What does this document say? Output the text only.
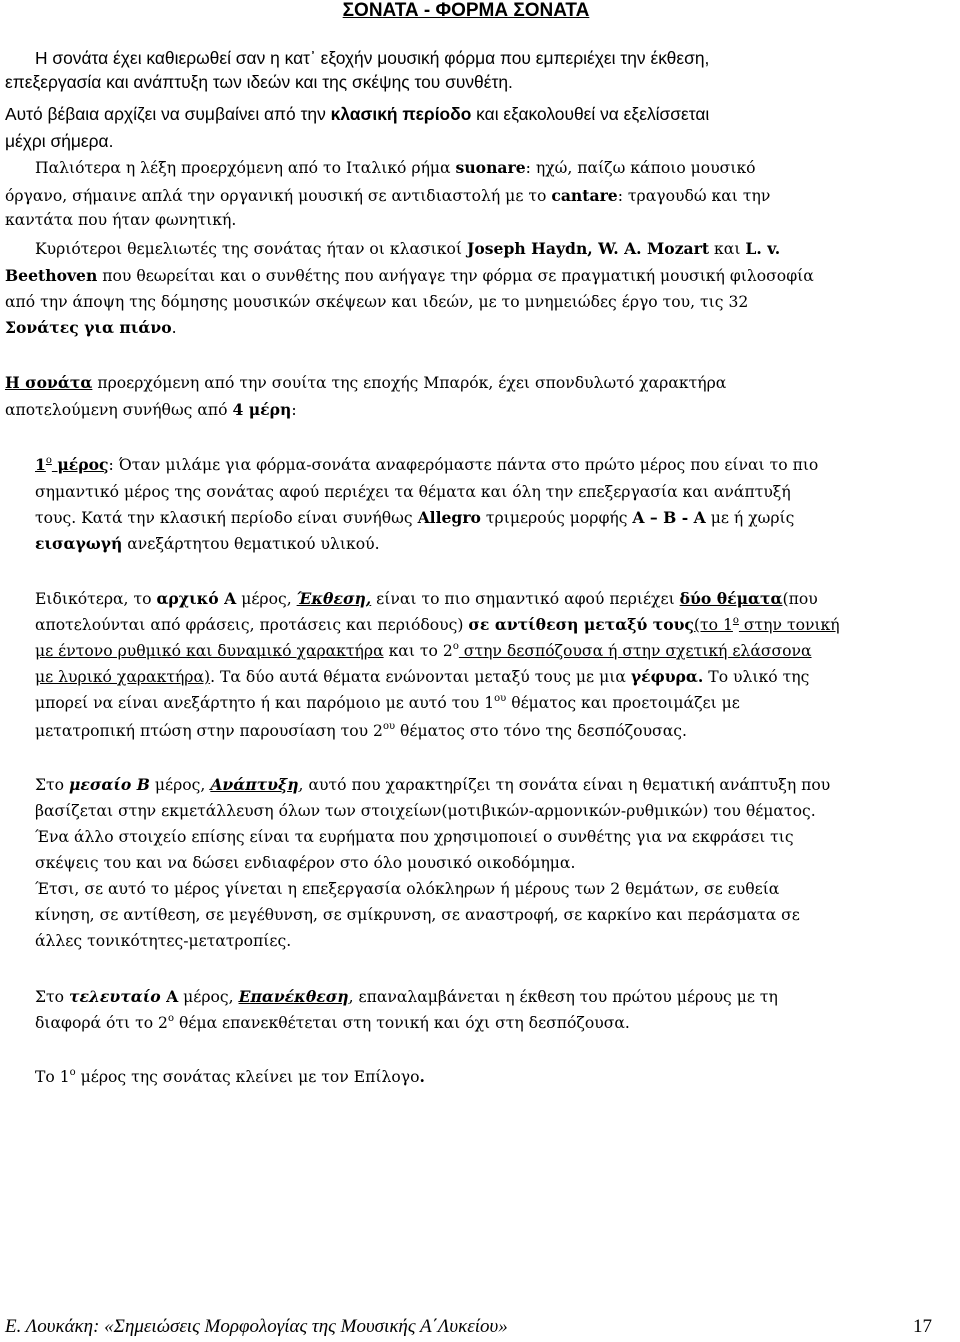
ΣΟΝΑΤΑ - ΦΟΡΜΑ ΣΟΝΑΤΑ
Η σονάτα έχει καθιερωθεί σαν η κατ᾽ εξοχήν μουσική φόρμα που εμπεριέχει την έκθεση,
επεξεργασία και ανάπτυξη των ιδεών και της σκέψης του συνθέτη.
Αυτό βέβαια αρχίζει να συμβαίνει από την κλασική περίοδο και εξακολουθεί να εξελίσσεται
μέχρι σήμερα.
Παλιότερα η λέξη προερχόμενη από το Ιταλικό ρήμα suonare: ηχώ, παίζω κάποιο μουσικό
όργανο, σήμαινε απλά την οργανική μουσική σε αντιδιαστολή με το cantare: τραγουδώ και την
καντάτα που ήταν φωνητική.
Κυριότεροι θεμελιωτές της σονάτας ήταν οι κλασικοί Joseph Haydn, W. A. Mozart και L. v.
Beethoven που θεωρείται και ο συνθέτης που ανήγαγε την φόρμα σε πραγματική μουσική φιλοσοφία
από την άποψη της δόμησης μουσικών σκέψεων και ιδεών, με το μνημειώδες έργο του, τις 32
Σονάτες για πιάνο.
Η σονάτα προερχόμενη από την σουίτα της εποχής Μπαρόκ, έχει σπονδυλωτό χαρακτήρα
αποτελούμενη συνήθως από 4 μέρη:
$1^o$ μέρος: Όταν μιλάμε για φόρμα-σονάτα αναφερόμαστε πάντα στο πρώτο μέρος που είναι το πιο
σημαντικό μέρος της σονάτας αφού περιέχει τα θέματα και όλη την επεξεργασία και ανάπτυξή
τους. Κατά την κλασική περίοδο είναι συνήθως Allegro τριμερούς μορφής Α – Β - Α με ή χωρίς
εισαγωγή ανεξάρτητου θεματικού υλικού.
Ειδικότερα, το αρχικό Α μέρος, Έκθεση, είναι το πιο σημαντικό αφού περιέχει δύο θέματα(που
αποτελούνται από φράσεις, προτάσεις και περιόδους) σε αντίθεση μεταξύ τους(το $1^o$ στην τονική
με έντονο ρυθμικό και δυναμικό χαρακτήρα και το $2^o$ στην δεσπόζουσα ή στην σχετική ελάσσονα
με λυρικό χαρακτήρα). Τα δύο αυτά θέματα ενώνονται μεταξύ τους με μια γέφυρα. Το υλικό της
μπορεί να είναι ανεξάρτητο ή και παρόμοιο με αυτό του $1^{o\upsilon}$ θέματος και προετοιμάζει με
μετατροπική πτώση στην παρουσίαση του $2^{o\upsilon}$ θέματος στο τόνο της δεσπόζουσας.
Στο μεσαίο Β μέρος, Ανάπτυξη, αυτό που χαρακτηρίζει τη σονάτα είναι η θεματική ανάπτυξη που
βασίζεται στην εκμετάλλευση όλων των στοιχείων(μοτιβικών-αρμονικών-ρυθμικών) του θέματος.
Ένα άλλο στοιχείο επίσης είναι τα ευρήματα που χρησιμοποιεί ο συνθέτης για να εκφράσει τις
σκέψεις του και να δώσει ενδιαφέρον στο όλο μουσικό οικοδόμημα.
Έτσι, σε αυτό το μέρος γίνεται η επεξεργασία ολόκληρων ή μέρους των 2 θεμάτων, σε ευθεία
κίνηση, σε αντίθεση, σε μεγέθυνση, σε σμίκρυνση, σε αναστροφή, σε καρκίνο και περάσματα σε
άλλες τονικότητες-μετατροπίες.
Στο τελευταίο Α μέρος, Επανέκθεση, επαναλαμβάνεται η έκθεση του πρώτου μέρους με τη
διαφορά ότι το $2^o$ θέμα επανεκθέτεται στη τονική και όχι στη δεσπόζουσα.
Το $1^o$ μέρος της σονάτας κλείνει με τον Επίλογο.
Ε. Λουκάκη: «Σημειώσεις Μορφολογίας της Μουσικής Α΄Λυκείου»	17
